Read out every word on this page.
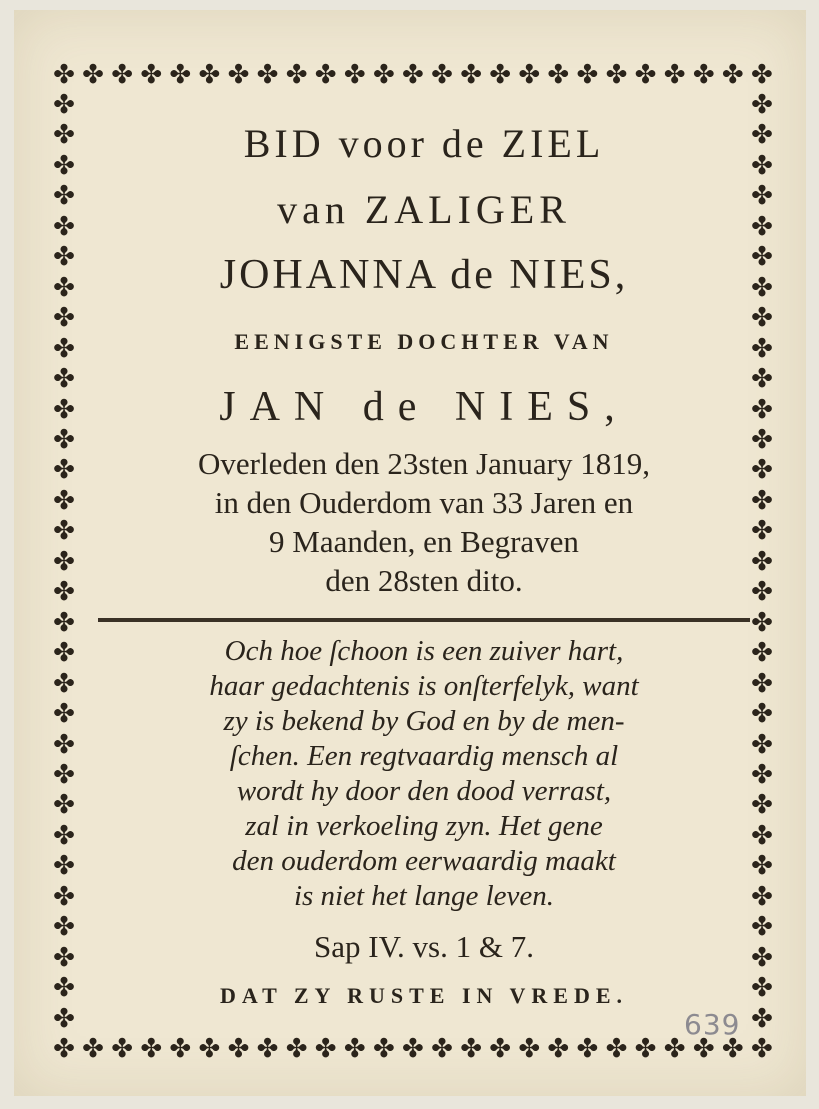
✤ ✤ ✤ ✤ ✤ ✤ ✤ ✤ ✤ ✤ ✤ ✤ ✤ ✤ ✤ ✤ ✤ ✤ ✤ ✤ ✤ ✤ ✤ ✤ ✤
✤ ✤ ✤ ✤ ✤ ✤ ✤ ✤ ✤ ✤ ✤ ✤ ✤ ✤ ✤ ✤ ✤ ✤ ✤ ✤ ✤ ✤ ✤ ✤ ✤
✤
✤
✤
✤
✤
✤
✤
✤
✤
✤
✤
✤
✤
✤
✤
✤
✤
✤
✤
✤
✤
✤
✤
✤
✤
✤
✤
✤
✤
✤
✤
✤
✤
✤
✤
✤
✤
✤
✤
✤
✤
✤
✤
✤
✤
✤
✤
✤
✤
✤
✤
✤
✤
✤
✤
✤
✤
✤
✤
✤
✤
✤
BID voor de ZIEL
van ZALIGER
JOHANNA de NIES,
EENIGSTE DOCHTER VAN
JAN de NIES,
Overleden den 23sten January 1819,
in den Ouderdom van 33 Jaren en
9 Maanden, en Begraven
den 28sten dito.
Och hoe ſchoon is een zuiver hart,
haar gedachtenis is onſterfelyk, want
zy is bekend by God en by de men-
ſchen. Een regtvaardig mensch al
wordt hy door den dood verrast,
zal in verkoeling zyn. Het gene
den ouderdom eerwaardig maakt
is niet het lange leven.
Sap IV. vs. 1 & 7.
DAT ZY RUSTE IN VREDE.
639
